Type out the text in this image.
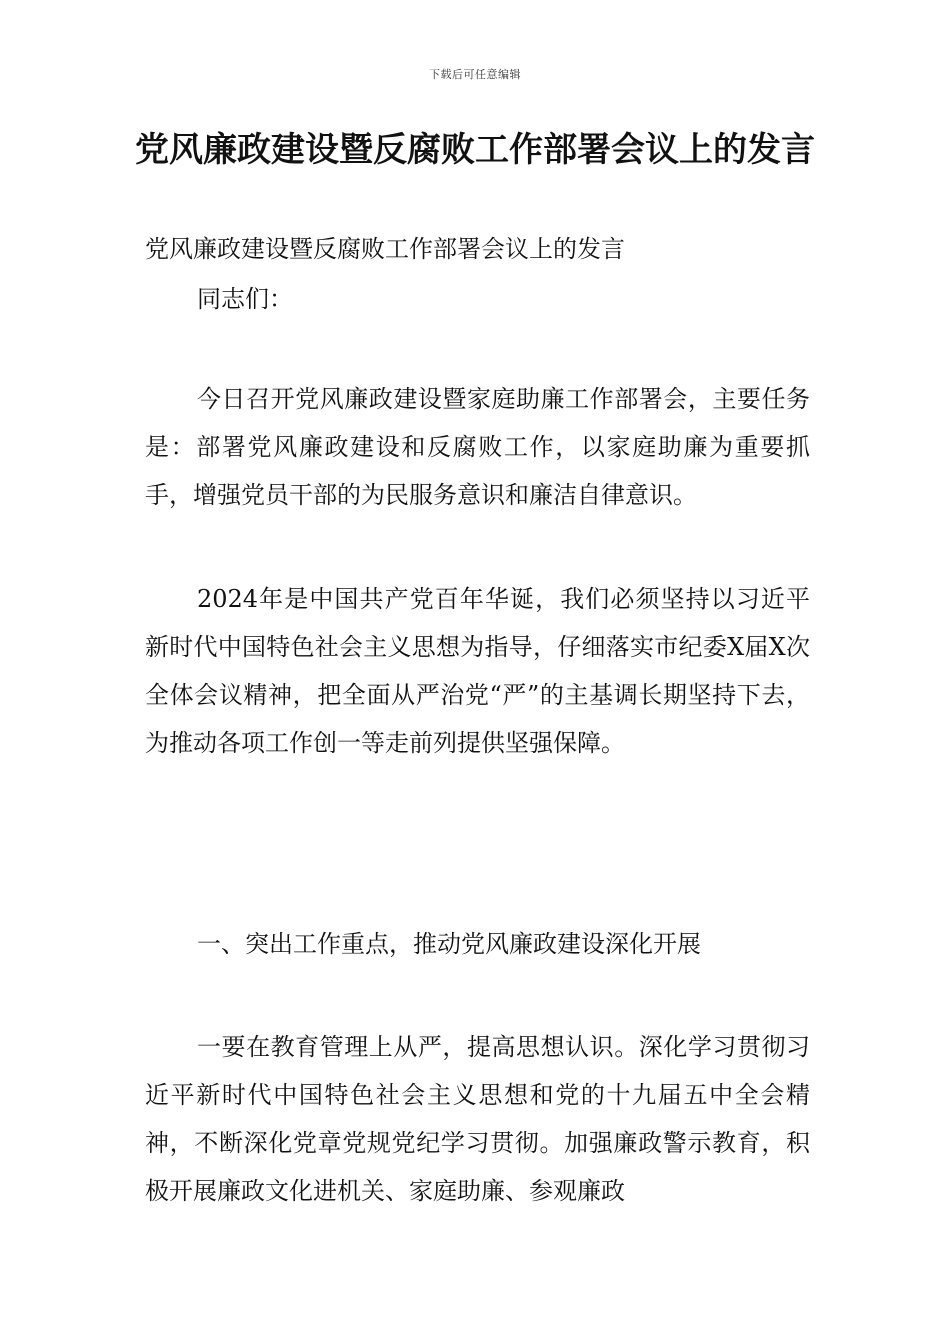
下载后可任意编辑
党风廉政建设暨反腐败工作部署会议上的发言

党风廉政建设暨反腐败工作部署会议上的发言

同志们：

今日召开党风廉政建设暨家庭助廉工作部署会，主要任务是：部署党风廉政建设和反腐败工作，以家庭助廉为重要抓手，增强党员干部的为民服务意识和廉洁自律意识。

2024年是中国共产党百年华诞，我们必须坚持以习近平新时代中国特色社会主义思想为指导，仔细落实市纪委X届X次全体会议精神，把全面从严治党“严”的主基调长期坚持下去，为推动各项工作创一等走前列提供坚强保障。

一、突出工作重点，推动党风廉政建设深化开展

一要在教育管理上从严，提高思想认识。深化学习贯彻习近平新时代中国特色社会主义思想和党的十九届五中全会精神，不断深化党章党规党纪学习贯彻。加强廉政警示教育，积极开展廉政文化进机关、家庭助廉、参观廉政
